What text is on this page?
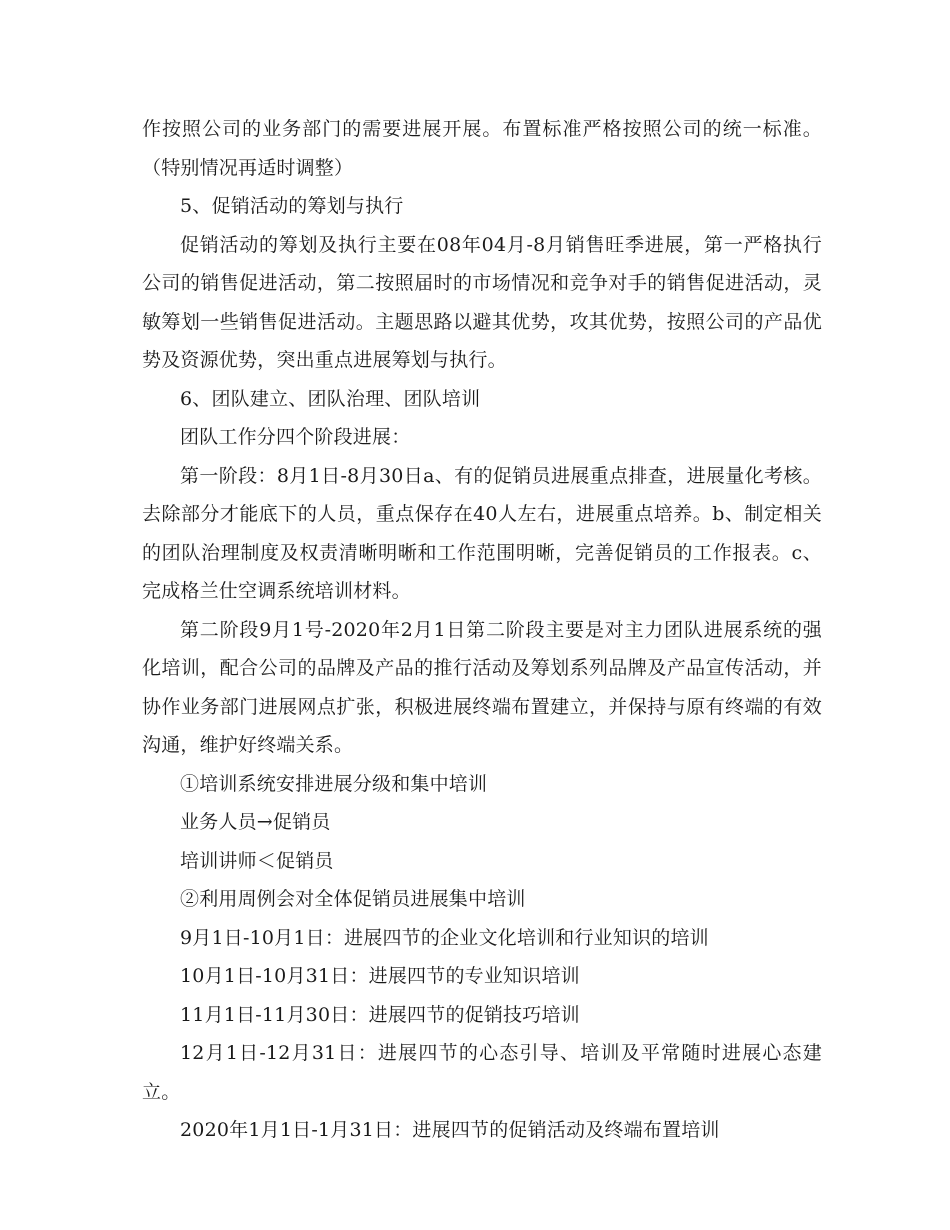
作按照公司的业务部门的需要进展开展。布置标准严格按照公司的统一标准。（特别情况再适时调整）

5、促销活动的筹划与执行

促销活动的筹划及执行主要在08年04月-8月销售旺季进展，第一严格执行公司的销售促进活动，第二按照届时的市场情况和竞争对手的销售促进活动，灵敏筹划一些销售促进活动。主题思路以避其优势，攻其优势，按照公司的产品优势及资源优势，突出重点进展筹划与执行。

6、团队建立、团队治理、团队培训

团队工作分四个阶段进展：

第一阶段：8月1日-8月30日a、有的促销员进展重点排查，进展量化考核。去除部分才能底下的人员，重点保存在40人左右，进展重点培养。b、制定相关的团队治理制度及权责清晰明晰和工作范围明晰，完善促销员的工作报表。c、完成格兰仕空调系统培训材料。

第二阶段9月1号-2020年2月1日第二阶段主要是对主力团队进展系统的强化培训，配合公司的品牌及产品的推行活动及筹划系列品牌及产品宣传活动，并协作业务部门进展网点扩张，积极进展终端布置建立，并保持与原有终端的有效沟通，维护好终端关系。

①培训系统安排进展分级和集中培训

业务人员→促销员

培训讲师＜促销员

②利用周例会对全体促销员进展集中培训

9月1日-10月1日：进展四节的企业文化培训和行业知识的培训

10月1日-10月31日：进展四节的专业知识培训

11月1日-11月30日：进展四节的促销技巧培训

12月1日-12月31日：进展四节的心态引导、培训及平常随时进展心态建立。

2020年1月1日-1月31日：进展四节的促销活动及终端布置培训
